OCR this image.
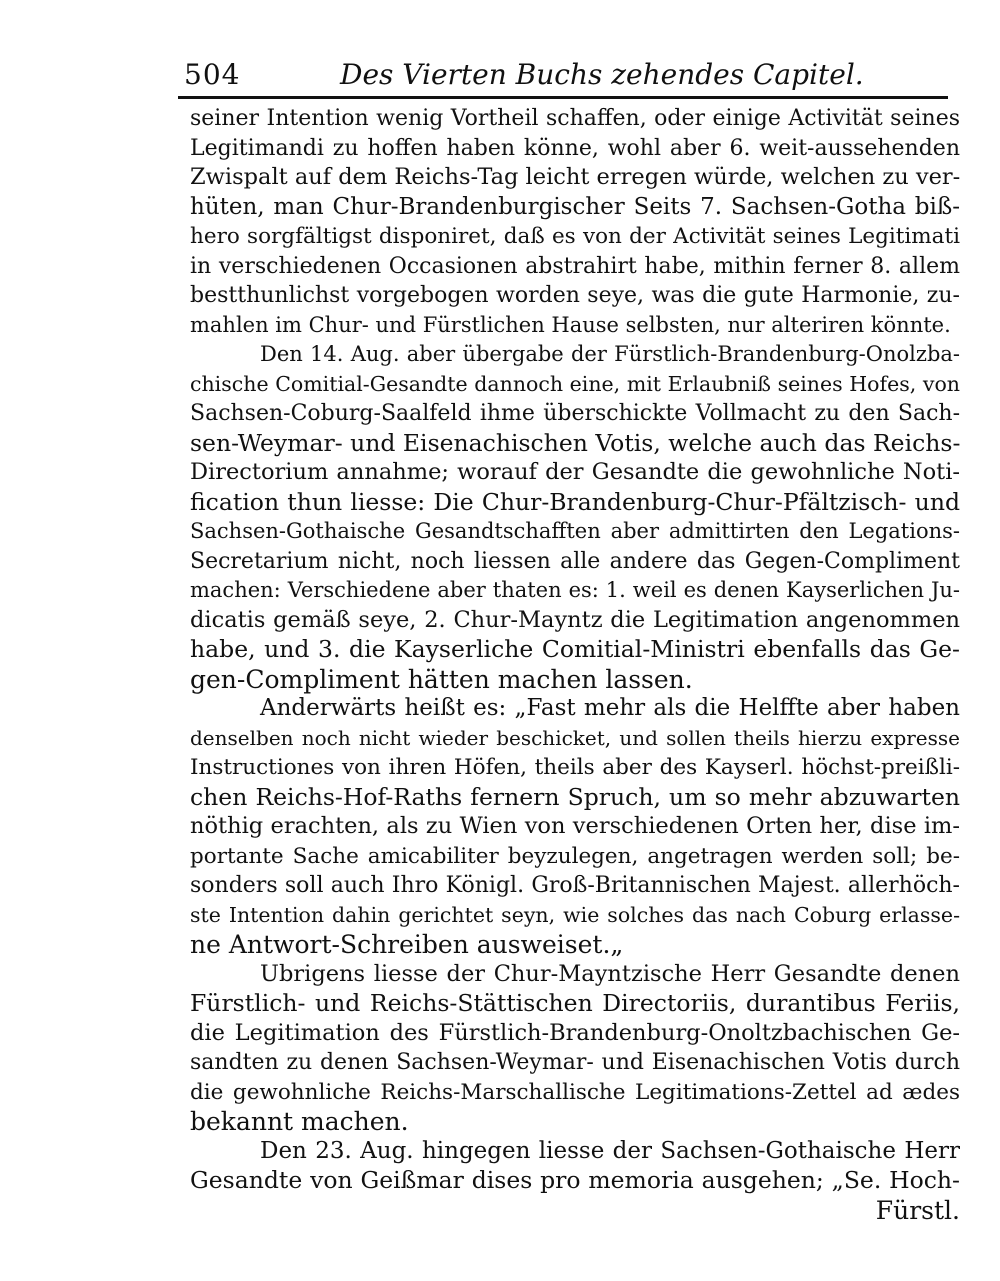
504	Des Vierten Buchs zehendes Capitel.
seiner Intention wenig Vortheil schaffen, oder einige Activität seines
Legitimandi zu hoffen haben könne, wohl aber 6. weit-aussehenden
Zwispalt auf dem Reichs-Tag leicht erregen würde, welchen zu ver-
hüten, man Chur-Brandenburgischer Seits 7. Sachsen-Gotha biß-
hero sorgfältigst disponiret, daß es von der Activität seines Legitimati
in verschiedenen Occasionen abstrahirt habe, mithin ferner 8. allem
bestthunlichst vorgebogen worden seye, was die gute Harmonie, zu-
mahlen im Chur- und Fürstlichen Hause selbsten, nur alteriren könnte.
Den 14. Aug. aber übergabe der Fürstlich-Brandenburg-Onolzba-
chische Comitial-Gesandte dannoch eine, mit Erlaubniß seines Hofes, von
Sachsen-Coburg-Saalfeld ihme überschickte Vollmacht zu den Sach-
sen-Weymar- und Eisenachischen Votis, welche auch das Reichs-
Directorium annahme; worauf der Gesandte die gewohnliche Noti-
fication thun liesse: Die Chur-Brandenburg-Chur-Pfältzisch- und
Sachsen-Gothaische Gesandtschafften aber admittirten den Legations-
Secretarium nicht, noch liessen alle andere das Gegen-Compliment
machen: Verschiedene aber thaten es: 1. weil es denen Kayserlichen Ju-
dicatis gemäß seye, 2. Chur-Mayntz die Legitimation angenommen
habe, und 3. die Kayserliche Comitial-Ministri ebenfalls das Ge-
gen-Compliment hätten machen lassen.
Anderwärts heißt es: „Fast mehr als die Helffte aber haben
denselben noch nicht wieder beschicket, und sollen theils hierzu expresse
Instructiones von ihren Höfen, theils aber des Kayserl. höchst-preißli-
chen Reichs-Hof-Raths fernern Spruch, um so mehr abzuwarten
nöthig erachten, als zu Wien von verschiedenen Orten her, dise im-
portante Sache amicabiliter beyzulegen, angetragen werden soll; be-
sonders soll auch Ihro Königl. Groß-Britannischen Majest. allerhöch-
ste Intention dahin gerichtet seyn, wie solches das nach Coburg erlasse-
ne Antwort-Schreiben ausweiset.„
Ubrigens liesse der Chur-Mayntzische Herr Gesandte denen
Fürstlich- und Reichs-Stättischen Directoriis, durantibus Feriis,
die Legitimation des Fürstlich-Brandenburg-Onoltzbachischen Ge-
sandten zu denen Sachsen-Weymar- und Eisenachischen Votis durch
die gewohnliche Reichs-Marschallische Legitimations-Zettel ad ædes
bekannt machen.
Den 23. Aug. hingegen liesse der Sachsen-Gothaische Herr
Gesandte von Geißmar dises pro memoria ausgehen; „Se. Hoch-
Fürstl.
